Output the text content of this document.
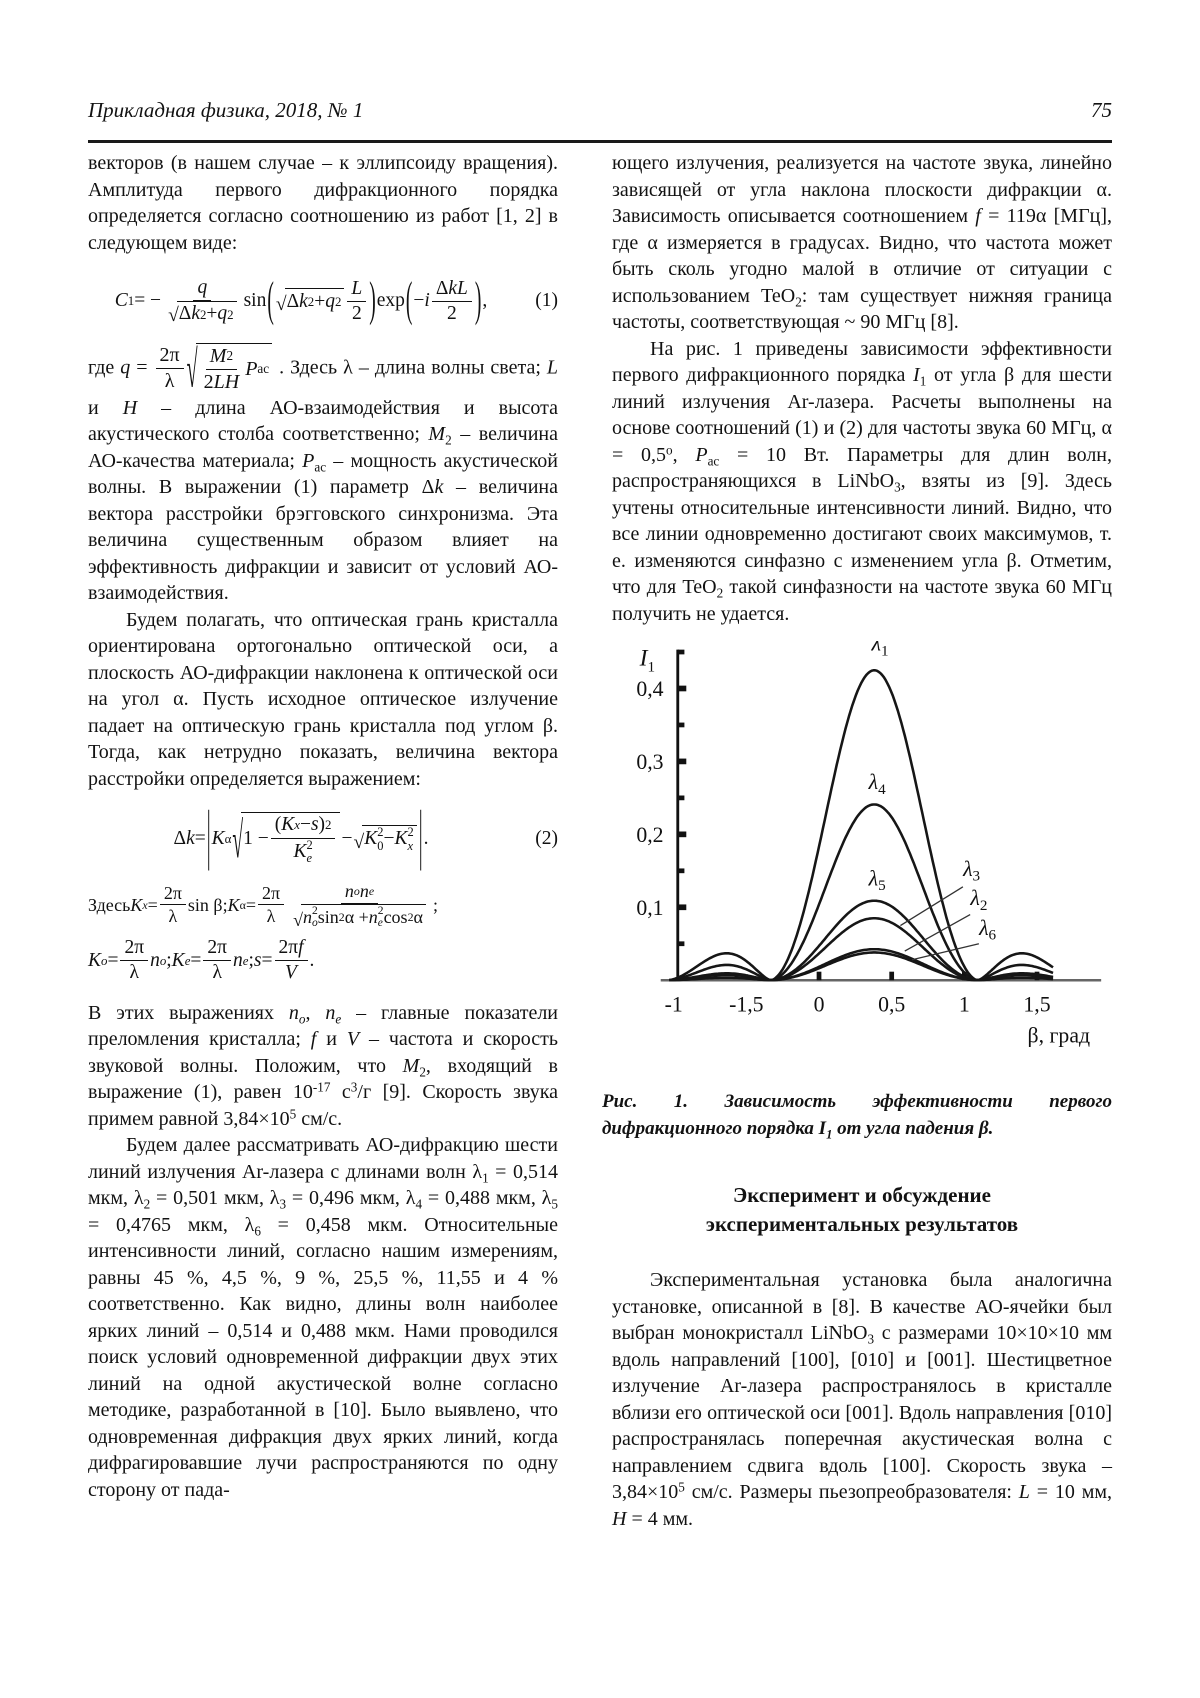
Прикладная физика, 2018, № 1	75

векторов (в нашем случае – к эллипсоиду вращения). Амплитуда первого дифракционного порядка определяется согласно соотношению из работ [1, 2] в следующем виде:

C 1 = − $\frac{q}{\text{√ Δ k 2 + q 2}}$ sin ( √ Δ k 2 + q $2 \frac{L}{2}$ ) exp ( − i $\frac{\text{Δ kL}}{2}$ ) ,	(1)

где $q = \frac{2\pi}{\lambda}$ √ $\frac{M 2}{2 LH}$ P ас . Здесь λ – длина волны света; L и H – длина АО-взаимодействия и высота акустического столба соответственно; $M_2$ – величина АО-качества материала; $P_{ас}$ – мощность акустической волны. В выражении (1) параметр Δk – величина вектора расстройки брэгговского синхронизма. Эта величина существенным образом влияет на эффективность дифракции и зависит от условий АО-взаимодействия.

Будем полагать, что оптическая грань кристалла ориентирована ортогонально оптической оси, а плоскость АО-дифракции наклонена к оптической оси на угол α. Пусть исходное оптическое излучение падает на оптическую грань кристалла под углом β. Тогда, как нетрудно показать, величина вектора расстройки определяется выражением:

Δ k = | K α √ 1 − ( K x − s ) 2
K 2
e − √ K 2
0 − K 2
x | .	(2)
Здесь K $x = \frac{2\pi}{\lambda}$ sin β; K $\alpha = \frac{2\pi}{\lambda}$ n o n e
√ n 2
o sin 2 α + n 2
e cos 2 α ;
K $o = \frac{2\pi}{\lambda}$ n o ; K $e = \frac{2\pi}{\lambda}$ n e ; $s = \frac{\text{2π f}}{V}$ .

В этих выражениях $n_o$, $n_e$ – главные показатели преломления кристалла; f и V – частота и скорость звуковой волны. Положим, что $M_2$, входящий в выражение (1), равен $10^{-17}$ $с^3/г$ [9]. Скорость звука примем равной $3,84\times 10^5$ см/с.

Будем далее рассматривать АО-дифракцию шести линий излучения Ar-лазера с длинами волн $\lambda_1 = 0,514$ мкм, $\lambda_2 = 0,501$ мкм, $\lambda_3 = 0,496$ мкм, $\lambda_4 = 0,488$ мкм, $\lambda_5 = 0,4765$ мкм, $\lambda_6 = 0,458$ мкм. Относительные интенсивности линий, согласно нашим измерениям, равны 45 %, 4,5 %, 9 %, 25,5 %, 11,55 и 4 % соответственно. Как видно, длины волн наиболее ярких линий – 0,514 и 0,488 мкм. Нами проводился поиск условий одновременной дифракции двух этих линий на одной акустической волне согласно методике, разработанной в [10]. Было выявлено, что одновременная дифракция двух ярких линий, когда дифрагировавшие лучи распространяются по одну сторону от пада-

ющего излучения, реализуется на частоте звука, линейно зависящей от угла наклона плоскости дифракции α. Зависимость описывается соотношением f = 119α [МГц], где α измеряется в градусах. Видно, что частота может быть сколь угодно малой в отличие от ситуации с использованием TeO$_2$: там существует нижняя граница частоты, соответствующая ~ 90 МГц [8].

На рис. 1 приведены зависимости эффективности первого дифракционного порядка $I_1$ от угла β для шести линий излучения Ar-лазера. Расчеты выполнены на основе соотношений (1) и (2) для частоты звука 60 МГц, $\alpha = 0,5^о$, $P_{ас} = 10$ Вт. Параметры для длин волн, распространяющихся в LiNbO$_3$, взяты из [9]. Здесь учтены относительные интенсивности линий. Видно, что все линии одновременно достигают своих максимумов, т. е. изменяются синфазно с изменением угла β. Отметим, что для TeO$_2$ такой синфазности на частоте звука 60 МГц получить не удается.

0,1
0,2
0,3
0,4
-1 -1,5 0 0,5 1 1,5
β, град
$I_1$
$\lambda_1$
$\lambda_4$
$\lambda_5$
$\lambda_3$
$\lambda_2$
$\lambda_6$
Рис. 1. Зависимость эффективности первого дифракционного порядка $I_1$ от угла падения β.
Эксперимент и обсуждение
экспериментальных результатов

Экспериментальная установка была аналогична установке, описанной в [8]. В качестве АО-ячейки был выбран монокристалл LiNbO$_3$ с размерами 10×10×10 мм вдоль направлений [100], [010] и [001]. Шестицветное излучение Ar-лазера распространялось в кристалле вблизи его оптической оси [001]. Вдоль направления [010] распространялась поперечная акустическая волна с направлением сдвига вдоль [100]. Скорость звука – $3,84\times 10^5$ см/с. Размеры пьезопреобразователя: L = 10 мм, H = 4 мм.
